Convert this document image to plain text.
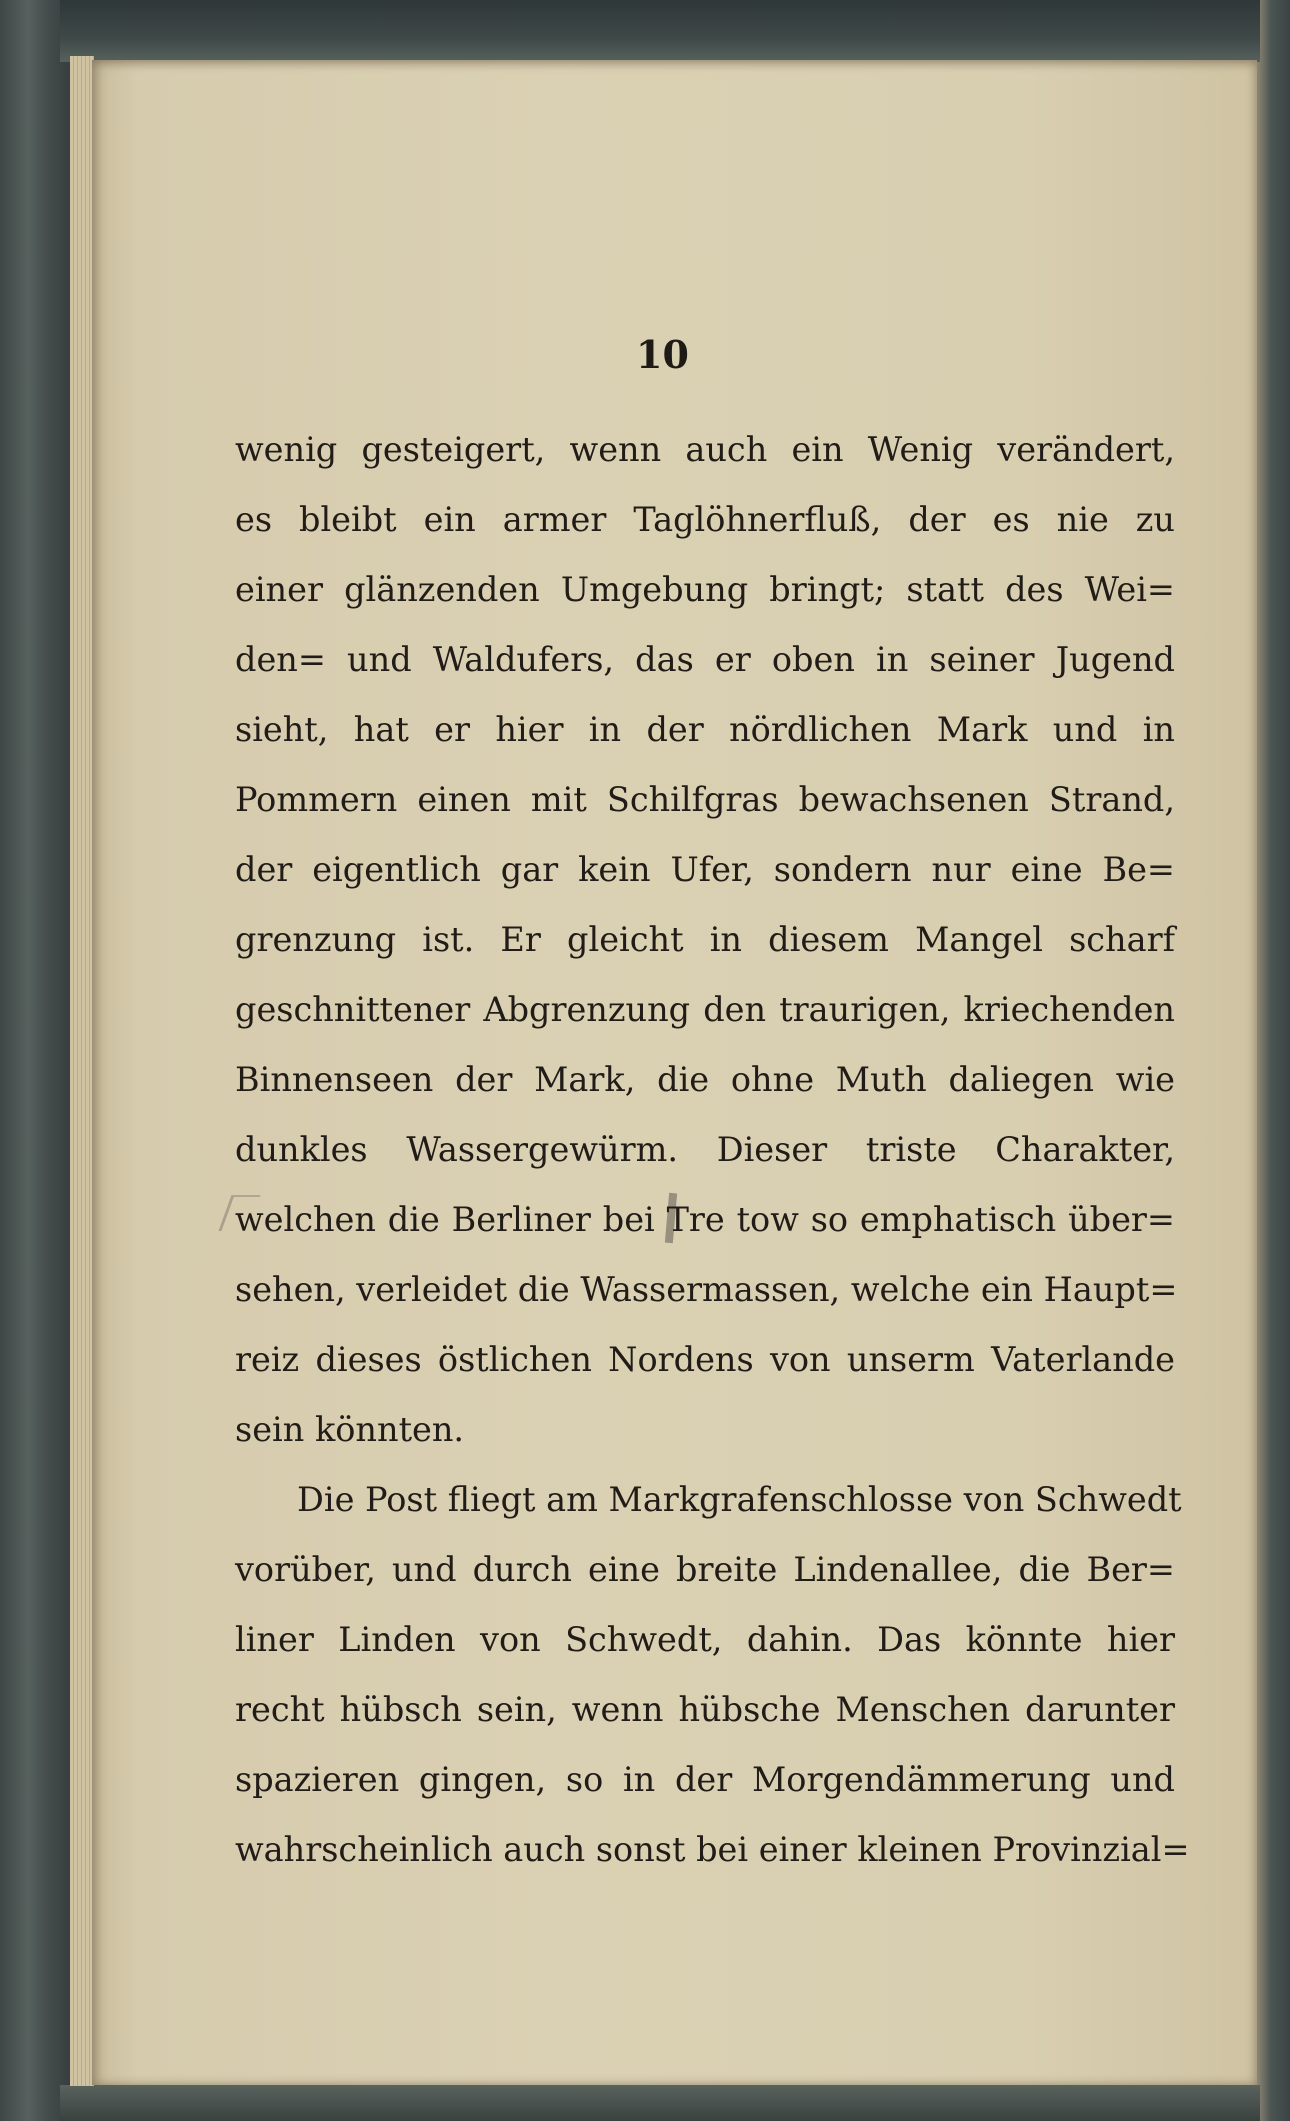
10
wenig gesteigert, wenn auch ein Wenig verändert,
es bleibt ein armer Taglöhnerfluß, der es nie zu
einer glänzenden Umgebung bringt; statt des Wei=
den= und Waldufers, das er oben in seiner Jugend
sieht, hat er hier in der nördlichen Mark und in
Pommern einen mit Schilfgras bewachsenen Strand,
der eigentlich gar kein Ufer, sondern nur eine Be=
grenzung ist. Er gleicht in diesem Mangel scharf
geschnittener Abgrenzung den traurigen, kriechenden
Binnenseen der Mark, die ohne Muth daliegen wie
dunkles Wassergewürm. Dieser triste Charakter,
welchen die Berliner bei Tre tow so emphatisch über=
sehen, verleidet die Wassermassen, welche ein Haupt=
reiz dieses östlichen Nordens von unserm Vaterlande
sein könnten.
Die Post fliegt am Markgrafenschlosse von Schwedt
vorüber, und durch eine breite Lindenallee, die Ber=
liner Linden von Schwedt, dahin. Das könnte hier
recht hübsch sein, wenn hübsche Menschen darunter
spazieren gingen, so in der Morgendämmerung und
wahrscheinlich auch sonst bei einer kleinen Provinzial=
